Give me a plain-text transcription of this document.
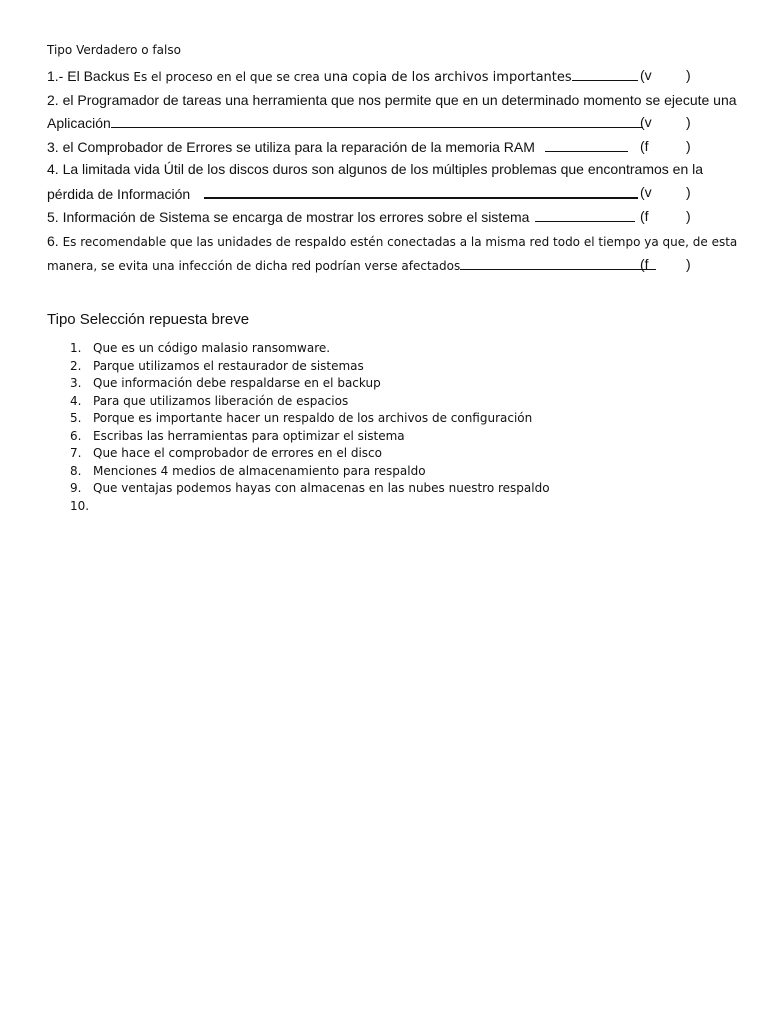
Tipo Verdadero o falso
1.- El Backus Es el proceso en el que se crea una copia de los archivos importantes	(v )
2. el Programador de tareas una herramienta que nos permite que en un determinado momento se ejecute una
Aplicación	(v )
3. el Comprobador de Errores se utiliza para la reparación de la memoria RAM	(f	)
4. La limitada vida Útil de los discos duros son algunos de los múltiples problemas que encontramos en la
pérdida de Información	(v )
5. Información de Sistema se encarga de mostrar los errores sobre el sistema	(f	)
6. Es recomendable que las unidades de respaldo estén conectadas a la misma red todo el tiempo ya que, de esta
manera, se evita una infección de dicha red podrían verse afectados	(f	)
Tipo Selección repuesta breve
1. Que es un código malasio ransomware.
2. Parque utilizamos el restaurador de sistemas
3. Que información debe respaldarse en el backup
4. Para que utilizamos liberación de espacios
5. Porque es importante hacer un respaldo de los archivos de configuración
6. Escribas las herramientas para optimizar el sistema
7. Que hace el comprobador de errores en el disco
8. Menciones 4 medios de almacenamiento para respaldo
9. Que ventajas podemos hayas con almacenas en las nubes nuestro respaldo
10.
